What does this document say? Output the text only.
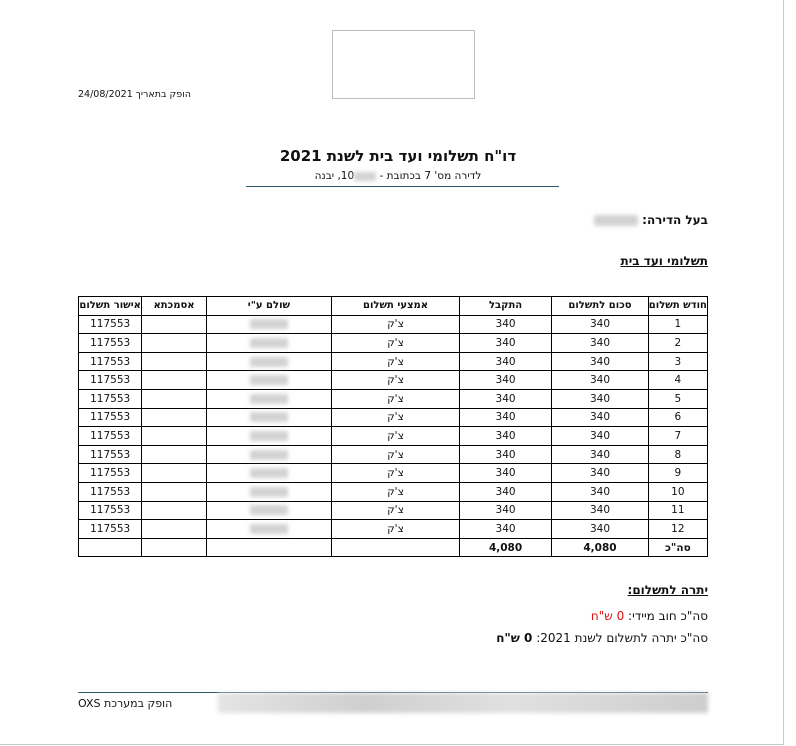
הופק בתאריך 24/08/2021
דו"ח תשלומי ועד בית לשנת 2021
לדירה מס' 7 בכתובת - 10, יבנה
בעל הדירה:
תשלומי ועד בית
חודש תשלום	סכום לתשלום	התקבל	אמצעי תשלום	שולם ע"י	אסמכתא	אישור תשלום
1	340	340	צ'ק			117553
2	340	340	צ'ק			117553
3	340	340	צ'ק			117553
4	340	340	צ'ק			117553
5	340	340	צ'ק			117553
6	340	340	צ'ק			117553
7	340	340	צ'ק			117553
8	340	340	צ'ק			117553
9	340	340	צ'ק			117553
10	340	340	צ'ק			117553
11	340	340	צ'ק			117553
12	340	340	צ'ק			117553
סה"כ	4,080	4,080				
יתרה לתשלום:
סה"כ חוב מיידי: 0 ש"ח
סה"כ יתרה לתשלום לשנת 2021: 0 ש"ח
הופק במערכת OXS
